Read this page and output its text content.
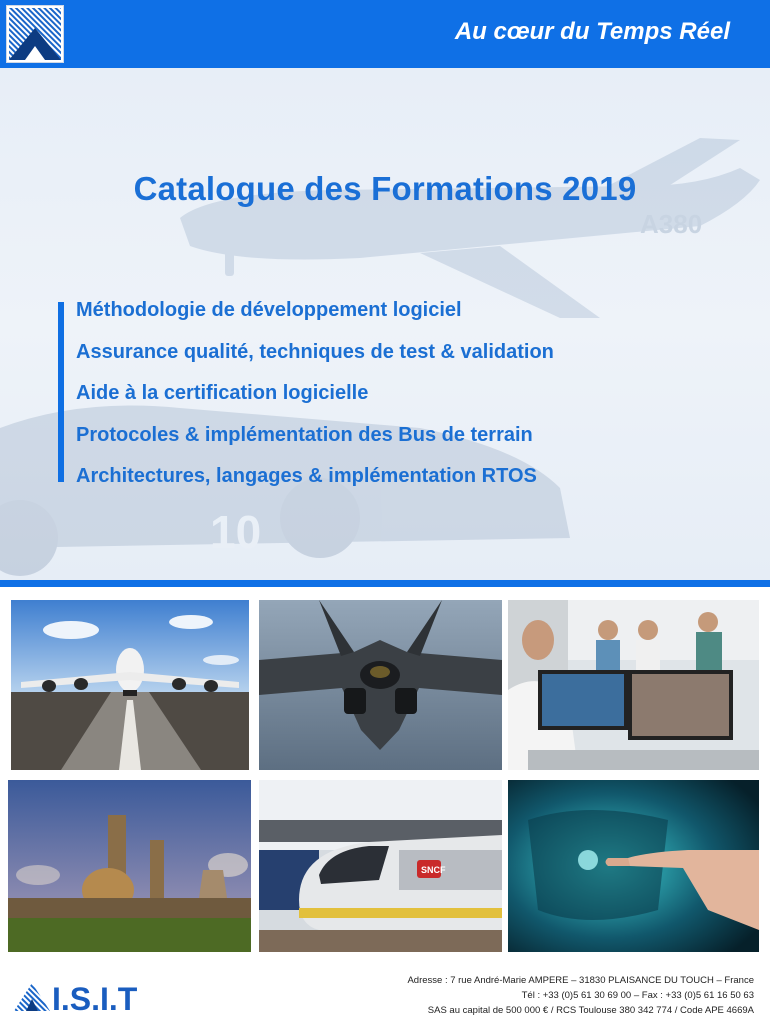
Au cœur du Temps Réel
A380
10
Catalogue des Formations 2019
Méthodologie de développement logiciel
Assurance qualité, techniques de test & validation
Aide à la certification logicielle
Protocoles & implémentation des Bus de terrain
Architectures, langages & implémentation RTOS
SNCF
I.S.I.T
Adresse : 7 rue André-Marie AMPERE – 31830 PLAISANCE DU TOUCH – France
Tél : +33 (0)5 61 30 69 00 – Fax : +33 (0)5 61 16 50 63
SAS au capital de 500 000 € / RCS Toulouse 380 342 774 / Code APE 4669A
